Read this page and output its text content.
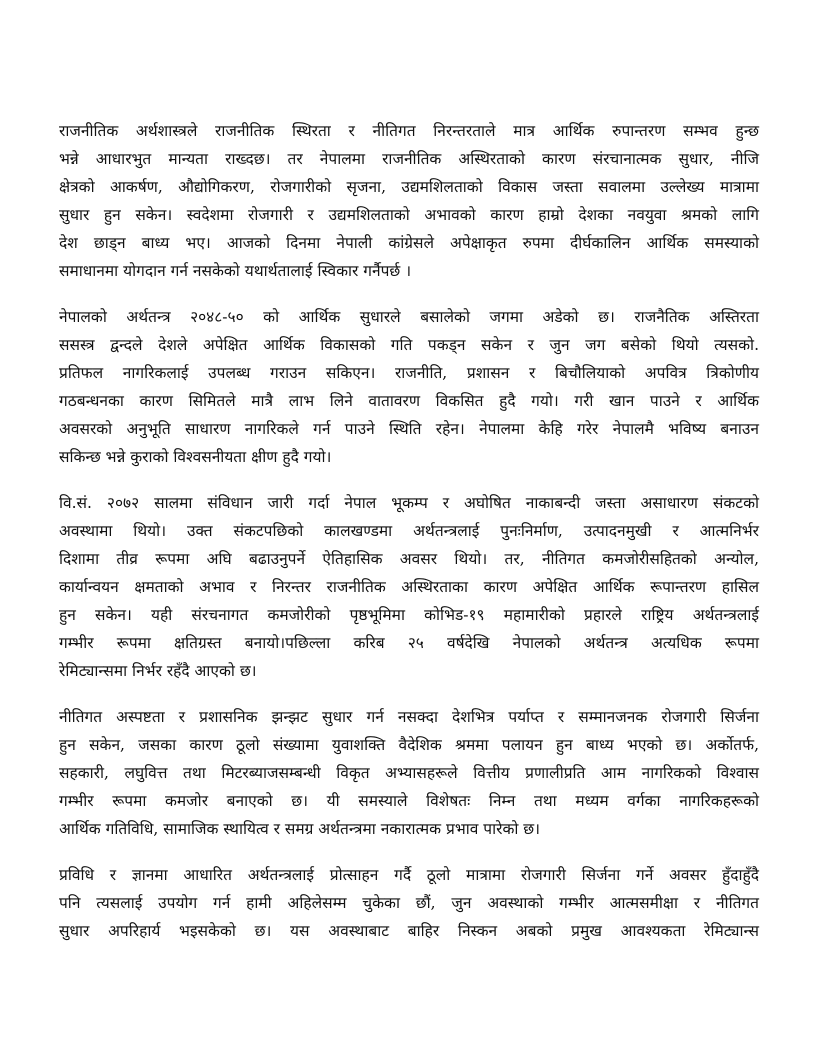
राजनीतिक अर्थशास्त्रले राजनीतिक स्थिरता र नीतिगत निरन्तरताले मात्र आर्थिक रुपान्तरण सम्भव हुन्छ
भन्ने आधारभुत मान्यता राख्दछ। तर नेपालमा राजनीतिक अस्थिरताको कारण संरचानात्मक सुधार, नीजि
क्षेत्रको आकर्षण, औद्योगिकरण, रोजगारीको सृजना, उद्यमशिलताको विकास जस्ता सवालमा उल्लेख्य मात्रामा
सुधार हुन सकेन। स्वदेशमा रोजगारी र उद्यमशिलताको अभावको कारण हाम्रो देशका नवयुवा श्रमको लागि
देश छाड्न बाध्य भए। आजको दिनमा नेपाली कांग्रेसले अपेक्षाकृत रुपमा दीर्घकालिन आर्थिक समस्याको
समाधानमा योगदान गर्न नसकेको यथार्थतालाई स्विकार गर्नैपर्छ ।

नेपालको अर्थतन्त्र २०४८-५० को आर्थिक सुधारले बसालेको जगमा अडेको छ। राजनैतिक अस्तिरता
ससस्त्र द्वन्दले देशले अपेक्षित आर्थिक विकासको गति पकड्न सकेन र जुन जग बसेको थियो त्यसको.
प्रतिफल नागरिकलाई उपलब्ध गराउन सकिएन। राजनीति, प्रशासन र बिचौलियाको अपवित्र त्रिकोणीय
गठबन्धनका कारण सिमितले मात्रै लाभ लिने वातावरण विकसित हुदै गयो। गरी खान पाउने र आर्थिक
अवसरको अनुभूति साधारण नागरिकले गर्न पाउने स्थिति रहेन। नेपालमा केहि गरेर नेपालमै भविष्य बनाउन
सकिन्छ भन्ने कुराको विश्वसनीयता क्षीण हुदै गयो।

वि.सं. २०७२ सालमा संविधान जारी गर्दा नेपाल भूकम्प र अघोषित नाकाबन्दी जस्ता असाधारण संकटको
अवस्थामा थियो। उक्त संकटपछिको कालखण्डमा अर्थतन्त्रलाई पुनःनिर्माण, उत्पादनमुखी र आत्मनिर्भर
दिशामा तीव्र रूपमा अघि बढाउनुपर्ने ऐतिहासिक अवसर थियो। तर, नीतिगत कमजोरीसहितको अन्योल,
कार्यान्वयन क्षमताको अभाव र निरन्तर राजनीतिक अस्थिरताका कारण अपेक्षित आर्थिक रूपान्तरण हासिल
हुन सकेन। यही संरचनागत कमजोरीको पृष्ठभूमिमा कोभिड-१९ महामारीको प्रहारले राष्ट्रिय अर्थतन्त्रलाई
गम्भीर रूपमा क्षतिग्रस्त बनायो।पछिल्ला करिब २५ वर्षदेखि नेपालको अर्थतन्त्र अत्यधिक रूपमा
रेमिट्यान्समा निर्भर रहँदै आएको छ।

नीतिगत अस्पष्टता र प्रशासनिक झन्झट सुधार गर्न नसक्दा देशभित्र पर्याप्त र सम्मानजनक रोजगारी सिर्जना
हुन सकेन, जसका कारण ठूलो संख्यामा युवाशक्ति वैदेशिक श्रममा पलायन हुन बाध्य भएको छ। अर्कोतर्फ,
सहकारी, लघुवित्त तथा मिटरब्याजसम्बन्धी विकृत अभ्यासहरूले वित्तीय प्रणालीप्रति आम नागरिकको विश्वास
गम्भीर रूपमा कमजोर बनाएको छ। यी समस्याले विशेषतः निम्न तथा मध्यम वर्गका नागरिकहरूको
आर्थिक गतिविधि, सामाजिक स्थायित्व र समग्र अर्थतन्त्रमा नकारात्मक प्रभाव पारेको छ।

प्रविधि र ज्ञानमा आधारित अर्थतन्त्रलाई प्रोत्साहन गर्दै ठूलो मात्रामा रोजगारी सिर्जना गर्ने अवसर हुँदाहुँदै
पनि त्यसलाई उपयोग गर्न हामी अहिलेसम्म चुकेका छौं, जुन अवस्थाको गम्भीर आत्मसमीक्षा र नीतिगत
सुधार अपरिहार्य भइसकेको छ। यस अवस्थाबाट बाहिर निस्कन अबको प्रमुख आवश्यकता रेमिट्यान्स
